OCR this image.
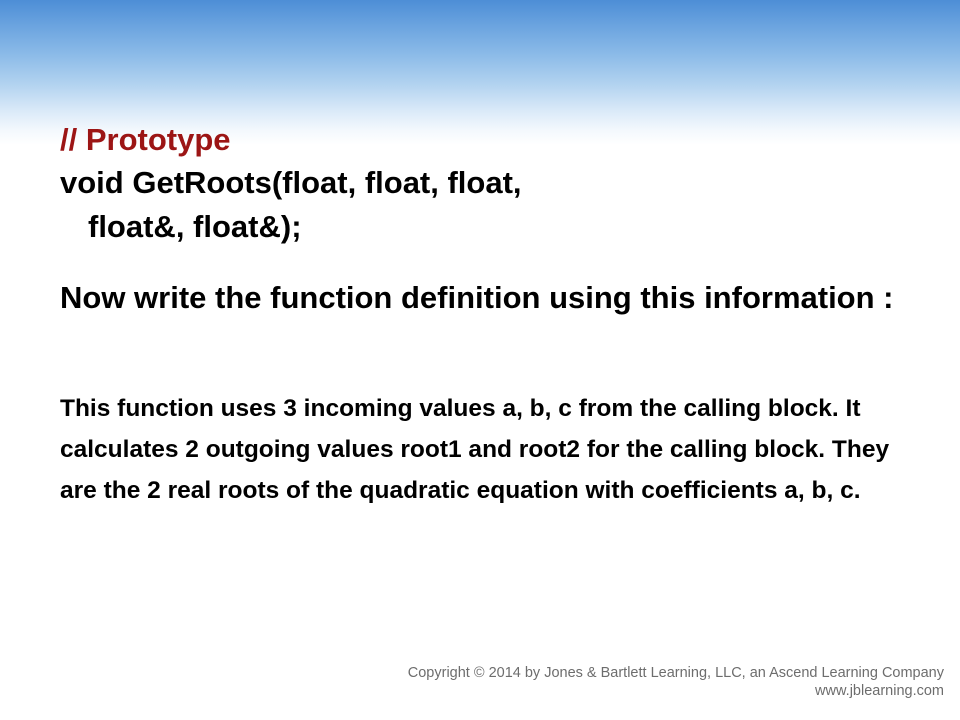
// Prototype

void GetRoots(float, float, float,

float&, float&);

Now write the function definition using this information :

This function uses 3 incoming values a, b, c from the calling block. It calculates 2 outgoing values root1 and root2 for the calling block. They are the 2 real roots of the quadratic equation with coefficients a, b, c.

Copyright © 2014 by Jones & Bartlett Learning, LLC, an Ascend Learning Company
www.jblearning.com
